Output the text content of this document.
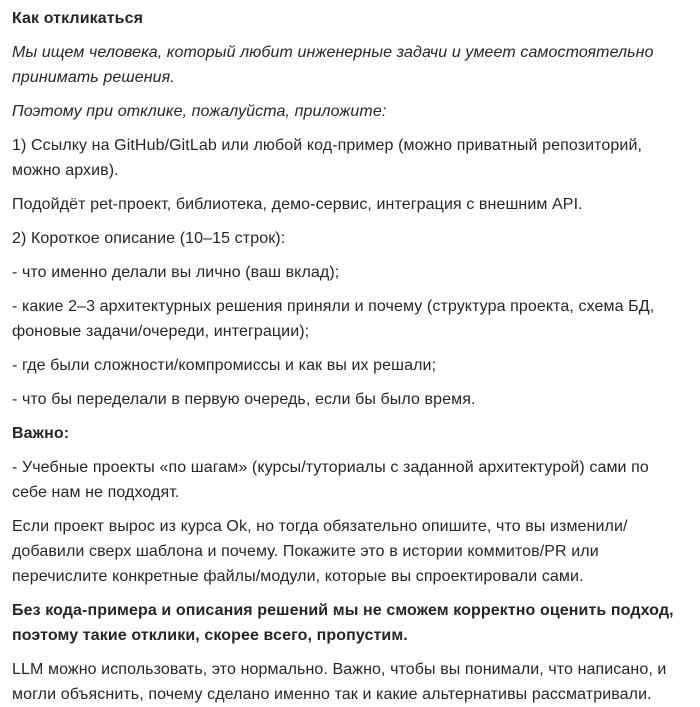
Как откликаться

Мы ищем человека, который любит инженерные задачи и умеет самостоятельно принимать решения.

Поэтому при отклике, пожалуйста, приложите:

1) Ссылку на GitHub/GitLab или любой код-пример (можно приватный репозиторий, можно архив).

Подойдёт pet-проект, библиотека, демо-сервис, интеграция с внешним API.

2) Короткое описание (10–15 строк):

- что именно делали вы лично (ваш вклад);

- какие 2–3 архитектурных решения приняли и почему (структура проекта, схема БД, фоновые задачи/очереди, интеграции);

- где были сложности/компромиссы и как вы их решали;

- что бы переделали в первую очередь, если бы было время.

Важно:

- Учебные проекты «по шагам» (курсы/туториалы с заданной архитектурой) сами по себе нам не подходят.

Если проект вырос из курса Ok, но тогда обязательно опишите, что вы изменили/добавили сверх шаблона и почему. Покажите это в истории коммитов/PR или перечислите конкретные файлы/модули, которые вы спроектировали сами.

Без кода-примера и описания решений мы не сможем корректно оценить подход, поэтому такие отклики, скорее всего, пропустим.

LLM можно использовать, это нормально. Важно, чтобы вы понимали, что написано, и могли объяснить, почему сделано именно так и какие альтернативы рассматривали.
